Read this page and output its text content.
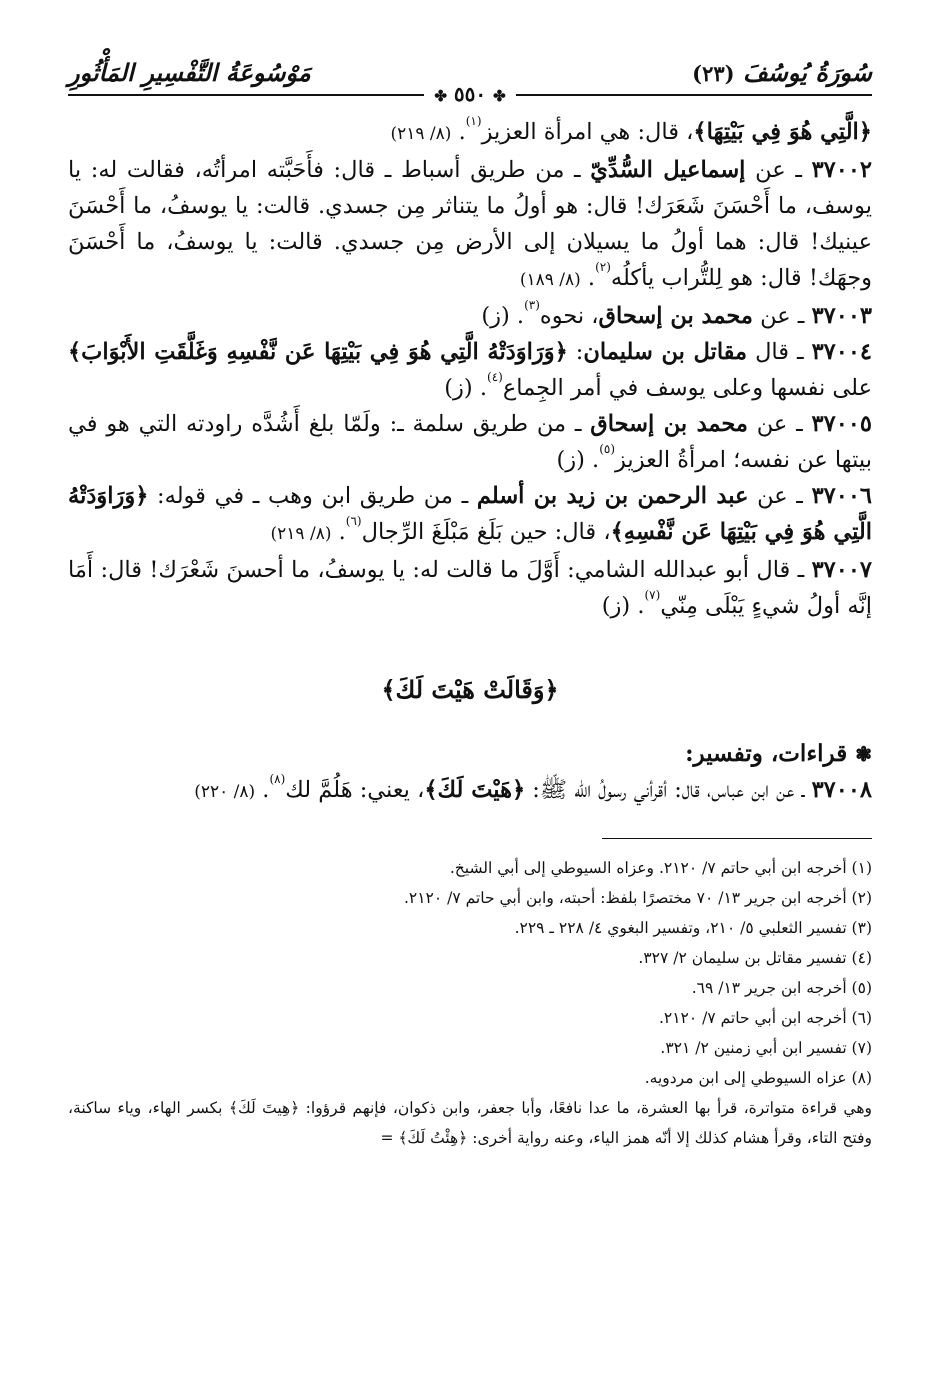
سُورَةُ يُوسُفَ (٢٣)
مَوْسُوعَةُ التَّفْسِيرِ المَأْثُورِ
✤ ٥٥٠ ✤

﴿الَّتِي هُوَ فِي بَيْتِهَا﴾، قال: هي امرأة العزيز$^{(١)}$. (٨/ ٢١٩)

٣٧٠٠٢ ـ عن إسماعيل السُّدِّيّ ـ من طريق أسباط ـ قال: فأَحَبَّته امرأتُه، فقالت له: يا يوسف، ما أَحْسَنَ شَعَرَك! قال: هو أولُ ما يتناثر مِن جسدي. قالت: يا يوسفُ، ما أَحْسَنَ عينيك! قال: هما أولُ ما يسيلان إلى الأرض مِن جسدي. قالت: يا يوسفُ، ما أَحْسَنَ وجهَك! قال: هو لِلتُّراب يأكلُه$^{(٢)}$. (٨/ ١٨٩)

٣٧٠٠٣ ـ عن محمد بن إسحاق، نحوه$^{(٣)}$. (ز)

٣٧٠٠٤ ـ قال مقاتل بن سليمان: ﴿وَرَاوَدَتْهُ الَّتِي هُوَ فِي بَيْتِهَا عَن نَّفْسِهِ وَغَلَّقَتِ الأَبْوَابَ﴾ على نفسها وعلى يوسف في أمر الجِماع$^{(٤)}$. (ز)

٣٧٠٠٥ ـ عن محمد بن إسحاق ـ من طريق سلمة ـ: ولَمّا بلغ أَشُدَّه راودته التي هو في بيتها عن نفسه؛ امرأةُ العزيز$^{(٥)}$. (ز)

٣٧٠٠٦ ـ عن عبد الرحمن بن زيد بن أسلم ـ من طريق ابن وهب ـ في قوله: ﴿وَرَاوَدَتْهُ الَّتِي هُوَ فِي بَيْتِهَا عَن نَّفْسِهِ﴾، قال: حين بَلَغ مَبْلَغَ الرِّجال$^{(٦)}$. (٨/ ٢١٩)

٣٧٠٠٧ ـ قال أبو عبدالله الشامي: أَوَّلَ ما قالت له: يا يوسفُ، ما أحسنَ شَعْرَك! قال: أَمَا إنَّه أولُ شيءٍ يَبْلَى مِنّي$^{(٧)}$. (ز)

﴿وَقَالَتْ هَيْتَ لَكَ﴾
❃ قراءات، وتفسير:

٣٧٠٠٨ ـ عن ابن عباس، قال: أقرأني رسولُ الله ﷺ: ﴿هَيْتَ لَكَ﴾، يعني: هَلُمَّ لك$^{(٨)}$. (٨/ ٢٢٠)

(١) أخرجه ابن أبي حاتم ٧/ ٢١٢٠. وعزاه السيوطي إلى أبي الشيخ.

(٢) أخرجه ابن جرير ١٣/ ٧٠ مختصرًا بلفظ: أحبته، وابن أبي حاتم ٧/ ٢١٢٠.

(٣) تفسير الثعلبي ٥/ ٢١٠، وتفسير البغوي ٤/ ٢٢٨ ـ ٢٢٩.

(٤) تفسير مقاتل بن سليمان ٢/ ٣٢٧.

(٥) أخرجه ابن جرير ١٣/ ٦٩.

(٦) أخرجه ابن أبي حاتم ٧/ ٢١٢٠.

(٧) تفسير ابن أبي زمنين ٢/ ٣٢١.

(٨) عزاه السيوطي إلى ابن مردويه.

وهي قراءة متواترة، قرأ بها العشرة، ما عدا نافعًا، وأبا جعفر، وابن ذكوان، فإنهم قرؤوا: ﴿هِيتَ لَكَ﴾ بكسر الهاء، وياء ساكنة، وفتح التاء، وقرأ هشام كذلك إلا أنّه همز الياء، وعنه رواية أخرى: ﴿هِئْتُ لَكَ﴾ =
